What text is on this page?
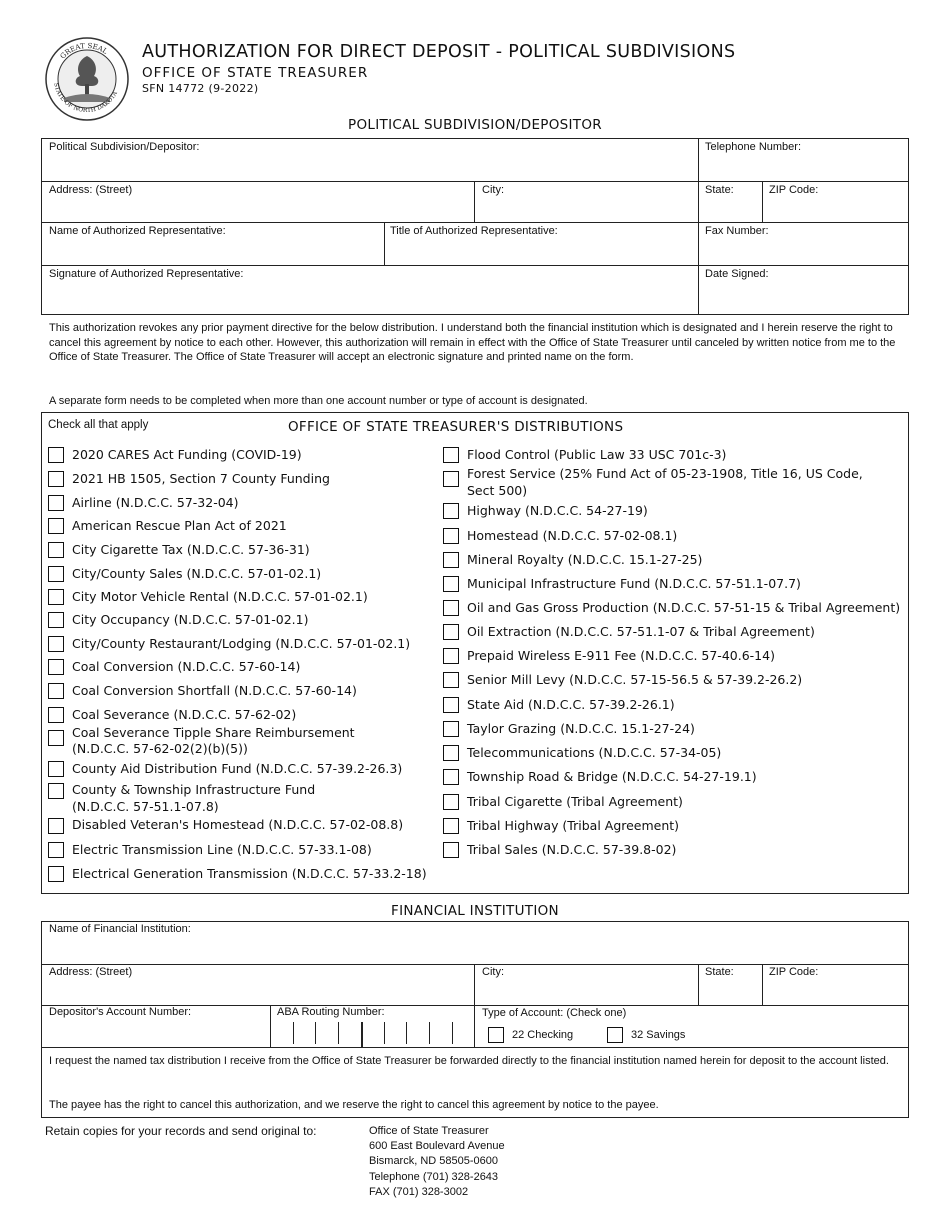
GREAT SEAL
STATE OF NORTH DAKOTA
AUTHORIZATION FOR DIRECT DEPOSIT - POLITICAL SUBDIVISIONS
OFFICE OF STATE TREASURER
SFN 14772 (9-2022)
POLITICAL SUBDIVISION/DEPOSITOR
Political Subdivision/Depositor:	Telephone Number:
Address: (Street)	City:	State:	ZIP Code:
Name of Authorized Representative:	Title of Authorized Representative:	Fax Number:
Signature of Authorized Representative:	Date Signed:
This authorization revokes any prior payment directive for the below distribution. I understand both the financial institution which is designated and I herein reserve the right to cancel this agreement by notice to each other. However, this authorization will remain in effect with the Office of State Treasurer until canceled by written notice from me to the Office of State Treasurer. The Office of State Treasurer will accept an electronic signature and printed name on the form.
A separate form needs to be completed when more than one account number or type of account is designated.
Check all that apply	OFFICE OF STATE TREASURER'S DISTRIBUTIONS
2020 CARES Act Funding (COVID-19)
2021 HB 1505, Section 7 County Funding
Airline (N.D.C.C. 57-32-04)
American Rescue Plan Act of 2021
City Cigarette Tax (N.D.C.C. 57-36-31)
City/County Sales (N.D.C.C. 57-01-02.1)
City Motor Vehicle Rental (N.D.C.C. 57-01-02.1)
City Occupancy (N.D.C.C. 57-01-02.1)
City/County Restaurant/Lodging (N.D.C.C. 57-01-02.1)
Coal Conversion (N.D.C.C. 57-60-14)
Coal Conversion Shortfall (N.D.C.C. 57-60-14)
Coal Severance (N.D.C.C. 57-62-02)
Coal Severance Tipple Share Reimbursement
(N.D.C.C. 57-62-02(2)(b)(5))
County Aid Distribution Fund (N.D.C.C. 57-39.2-26.3)
County & Township Infrastructure Fund
(N.D.C.C. 57-51.1-07.8)
Disabled Veteran's Homestead (N.D.C.C. 57-02-08.8)
Electric Transmission Line (N.D.C.C. 57-33.1-08)
Electrical Generation Transmission (N.D.C.C. 57-33.2-18)
Flood Control (Public Law 33 USC 701c-3)
Forest Service (25% Fund Act of 05-23-1908, Title 16, US Code,
Sect 500)
Highway (N.D.C.C. 54-27-19)
Homestead (N.D.C.C. 57-02-08.1)
Mineral Royalty (N.D.C.C. 15.1-27-25)
Municipal Infrastructure Fund (N.D.C.C. 57-51.1-07.7)
Oil and Gas Gross Production (N.D.C.C. 57-51-15 & Tribal Agreement)
Oil Extraction (N.D.C.C. 57-51.1-07 & Tribal Agreement)
Prepaid Wireless E-911 Fee (N.D.C.C. 57-40.6-14)
Senior Mill Levy (N.D.C.C. 57-15-56.5 & 57-39.2-26.2)
State Aid (N.D.C.C. 57-39.2-26.1)
Taylor Grazing (N.D.C.C. 15.1-27-24)
Telecommunications (N.D.C.C. 57-34-05)
Township Road & Bridge (N.D.C.C. 54-27-19.1)
Tribal Cigarette (Tribal Agreement)
Tribal Highway (Tribal Agreement)
Tribal Sales (N.D.C.C. 57-39.8-02)
FINANCIAL INSTITUTION
Name of Financial Institution:
Address: (Street)	City:	State:	ZIP Code:
Depositor's Account Number:	ABA Routing Number:	Type of Account: (Check one)
22 Checking	32 Savings
I request the named tax distribution I receive from the Office of State Treasurer be forwarded directly to the financial institution named herein for deposit to the account listed.
The payee has the right to cancel this authorization, and we reserve the right to cancel this agreement by notice to the payee.
Retain copies for your records and send original to:	Office of State Treasurer
600 East Boulevard Avenue
Bismarck, ND 58505-0600
Telephone (701) 328-2643
FAX (701) 328-3002
